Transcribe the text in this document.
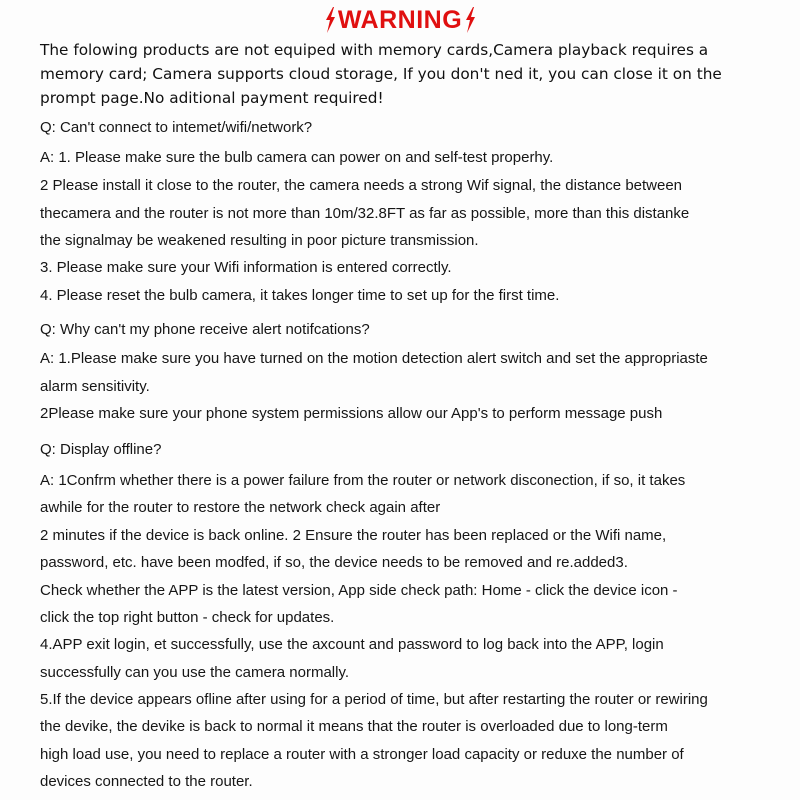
WARNING
The folowing products are not equiped with memory cards,Camera playback requires a
memory card; Camera supports cloud storage, If you don't ned it, you can close it on the
prompt page.No aditional payment required!
Q: Can't connect to intemet/wifi/network?
A: 1. Please make sure the bulb camera can power on and self-test properhy.
2 Please install it close to the router, the camera needs a strong Wif signal, the distance between
thecamera and the router is not more than 10m/32.8FT as far as possible, more than this distanke
the signalmay be weakened resulting in poor picture transmission.
3. Please make sure your Wifi information is entered correctly.
4. Please reset the bulb camera, it takes longer time to set up for the first time.
Q: Why can't my phone receive alert notifcations?
A: 1.Please make sure you have turned on the motion detection alert switch and set the appropriaste
alarm sensitivity.
2Please make sure your phone system permissions allow our App's to perform message push
Q: Display offline?
A: 1Confrm whether there is a power failure from the router or network disconection, if so, it takes
awhile for the router to restore the network check again after
2 minutes if the device is back online. 2 Ensure the router has been replaced or the Wifi name,
password, etc. have been modfed, if so, the device needs to be removed and re.added3.
Check whether the APP is the latest version, App side check path: Home - click the device icon -
click the top right button - check for updates.
4.APP exit login, et successfully, use the axcount and password to log back into the APP, login
successfully can you use the camera normally.
5.If the device appears ofline after using for a period of time, but after restarting the router or rewiring
the devike, the devike is back to normal it means that the router is overloaded due to long-term
high load use, you need to replace a router with a stronger load capacity or reduxe the number of
devices connected to the router.
